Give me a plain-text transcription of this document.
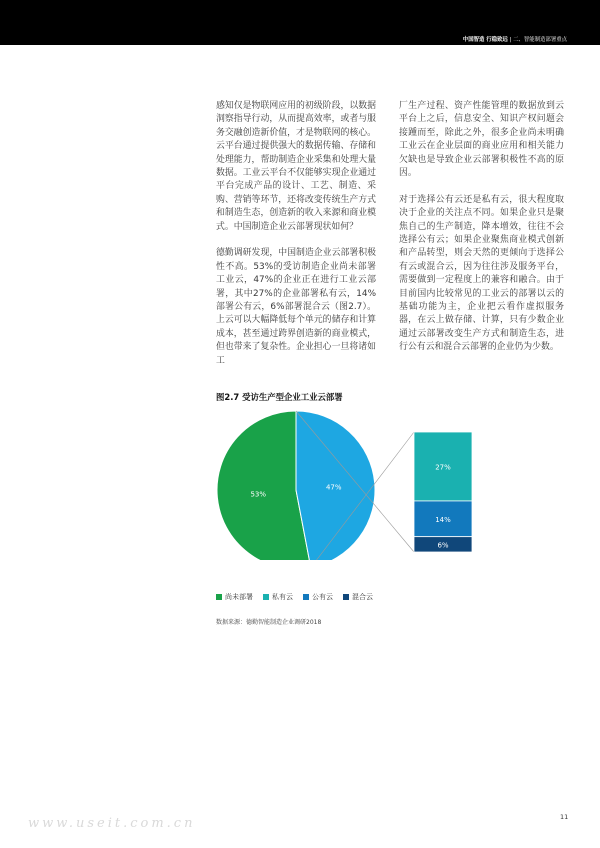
中国智造 行稳致远 | 二、智能制造部署重点

感知仅是物联网应用的初级阶段，以数据洞察指导行动，从而提高效率，或者与服务交融创造新价值，才是物联网的核心。云平台通过提供强大的数据传输、存储和处理能力，帮助制造企业采集和处理大量数据。工业云平台不仅能够实现企业通过平台完成产品的设计、工艺、制造、采购、营销等环节，还将改变传统生产方式和制造生态，创造新的收入来源和商业模式。中国制造企业云部署现状如何？

德勤调研发现，中国制造企业云部署积极性不高。53%的受访制造企业尚未部署工业云，47%的企业正在进行工业云部署，其中27%的企业部署私有云，14%部署公有云，6%部署混合云（图2.7）。上云可以大幅降低每个单元的储存和计算成本，甚至通过跨界创造新的商业模式，但也带来了复杂性。企业担心一旦将诸如工

厂生产过程、资产性能管理的数据放到云平台上之后，信息安全、知识产权问题会接踵而至，除此之外，很多企业尚未明确工业云在企业层面的商业应用和相关能力欠缺也是导致企业云部署积极性不高的原因。

对于选择公有云还是私有云，很大程度取决于企业的关注点不同。如果企业只是聚焦自己的生产制造，降本增效，往往不会选择公有云；如果企业聚焦商业模式创新和产品转型，则会天然的更倾向于选择公有云或混合云，因为往往涉及服务平台，需要做到一定程度上的兼容和融合。由于目前国内比较常见的工业云的部署以云的基础功能为主，企业把云看作虚拟服务器，在云上做存储、计算，只有少数企业通过云部署改变生产方式和制造生态，进行公有云和混合云部署的企业仍为少数。

图2.7 受访生产型企业工业云部署
53%
47%
27%
14%
6%
尚未部署	私有云	公有云	混合云
数据来源：德勤智能制造企业调研2018
www.useit.com.cn	11
